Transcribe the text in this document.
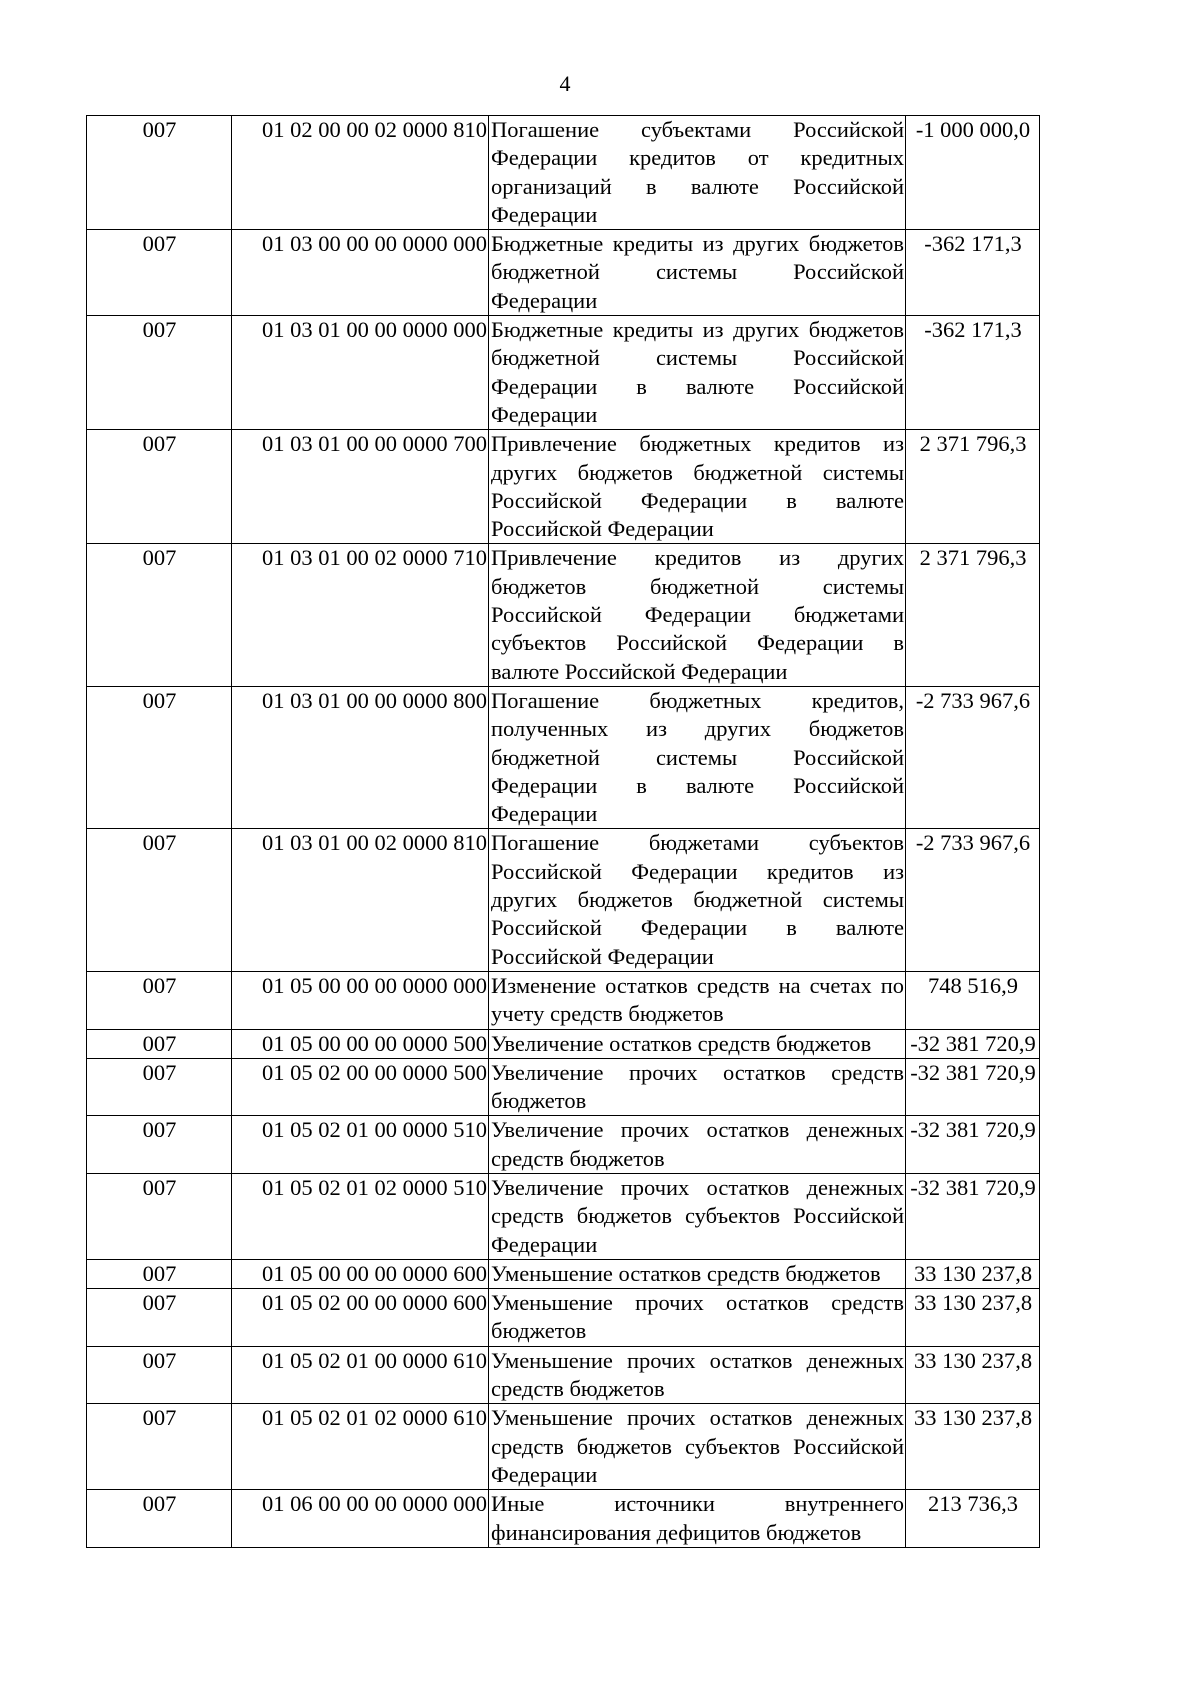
4
007	01 02 00 00 02 0000 810	Погашение субъектами Российской Федерации кредитов от кредитных организаций в валюте Российской Федерации	-1 000 000,0
007	01 03 00 00 00 0000 000	Бюджетные кредиты из других бюджетов бюджетной системы Российской Федерации	-362 171,3
007	01 03 01 00 00 0000 000	Бюджетные кредиты из других бюджетов бюджетной системы Российской Федерации в валюте Российской Федерации	-362 171,3
007	01 03 01 00 00 0000 700	Привлечение бюджетных кредитов из других бюджетов бюджетной системы Российской Федерации в валюте Российской Федерации	2 371 796,3
007	01 03 01 00 02 0000 710	Привлечение кредитов из других бюджетов бюджетной системы Российской Федерации бюджетами субъектов Российской Федерации в валюте Российской Федерации	2 371 796,3
007	01 03 01 00 00 0000 800	Погашение бюджетных кредитов, полученных из других бюджетов бюджетной системы Российской Федерации в валюте Российской Федерации	-2 733 967,6
007	01 03 01 00 02 0000 810	Погашение бюджетами субъектов Российской Федерации кредитов из других бюджетов бюджетной системы Российской Федерации в валюте Российской Федерации	-2 733 967,6
007	01 05 00 00 00 0000 000	Изменение остатков средств на счетах по учету средств бюджетов	748 516,9
007	01 05 00 00 00 0000 500	Увеличение остатков средств бюджетов	-32 381 720,9
007	01 05 02 00 00 0000 500	Увеличение прочих остатков средств бюджетов	-32 381 720,9
007	01 05 02 01 00 0000 510	Увеличение прочих остатков денежных средств бюджетов	-32 381 720,9
007	01 05 02 01 02 0000 510	Увеличение прочих остатков денежных средств бюджетов субъектов Российской Федерации	-32 381 720,9
007	01 05 00 00 00 0000 600	Уменьшение остатков средств бюджетов	33 130 237,8
007	01 05 02 00 00 0000 600	Уменьшение прочих остатков средств бюджетов	33 130 237,8
007	01 05 02 01 00 0000 610	Уменьшение прочих остатков денежных средств бюджетов	33 130 237,8
007	01 05 02 01 02 0000 610	Уменьшение прочих остатков денежных средств бюджетов субъектов Российской Федерации	33 130 237,8
007	01 06 00 00 00 0000 000	Иные источники внутреннего финансирования дефицитов бюджетов	213 736,3
